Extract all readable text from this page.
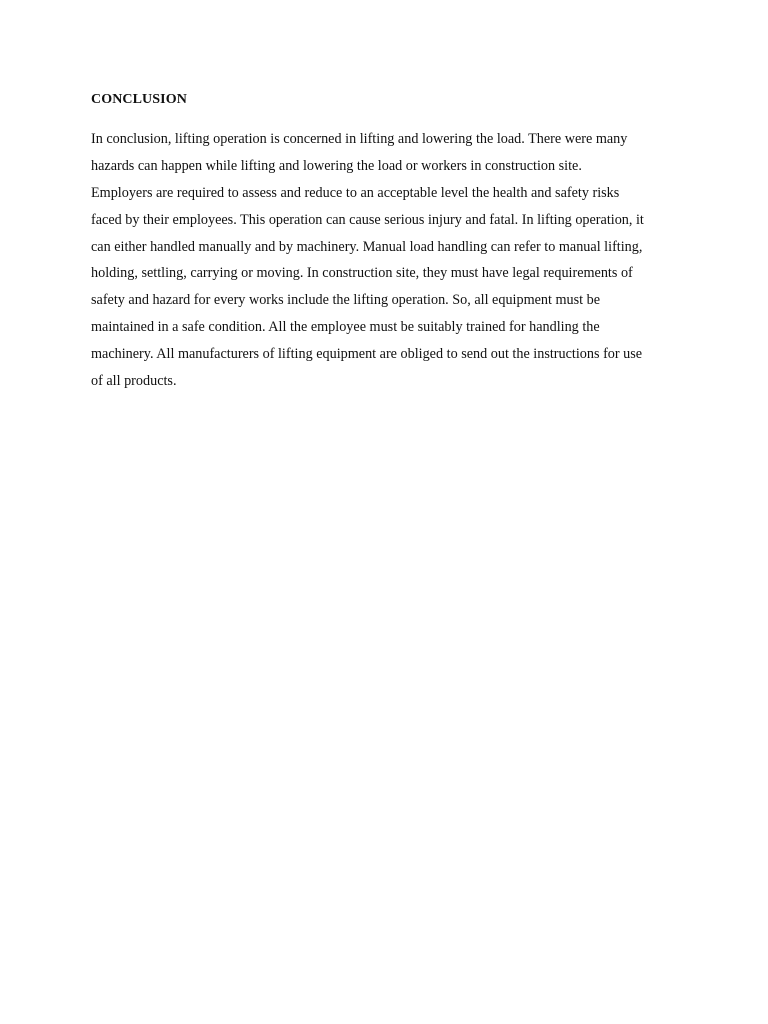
CONCLUSION
In conclusion, lifting operation is concerned in lifting and lowering the load. There were many
hazards can happen while lifting and lowering the load or workers in construction site.
Employers are required to assess and reduce to an acceptable level the health and safety risks
faced by their employees. This operation can cause serious injury and fatal. In lifting operation, it
can either handled manually and by machinery. Manual load handling can refer to manual lifting,
holding, settling, carrying or moving. In construction site, they must have legal requirements of
safety and hazard for every works include the lifting operation. So, all equipment must be
maintained in a safe condition. All the employee must be suitably trained for handling the
machinery. All manufacturers of lifting equipment are obliged to send out the instructions for use
of all products.
